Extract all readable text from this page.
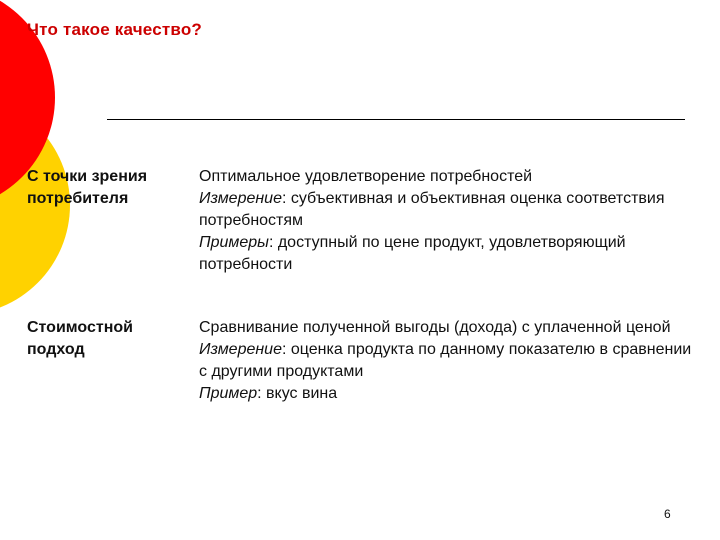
Что такое качество?
С точки зрения потребителя

Оптимальное удовлетворение потребностей

Измерение: субъективная и объективная оценка соответствия потребностям

Примеры: доступный по цене продукт, удовлетворяющий потребности

Стоимостной подход

Сравнивание полученной выгоды (дохода) с уплаченной ценой

Измерение: оценка продукта по данному показателю в сравнении с другими продуктами

Пример: вкус вина

6
